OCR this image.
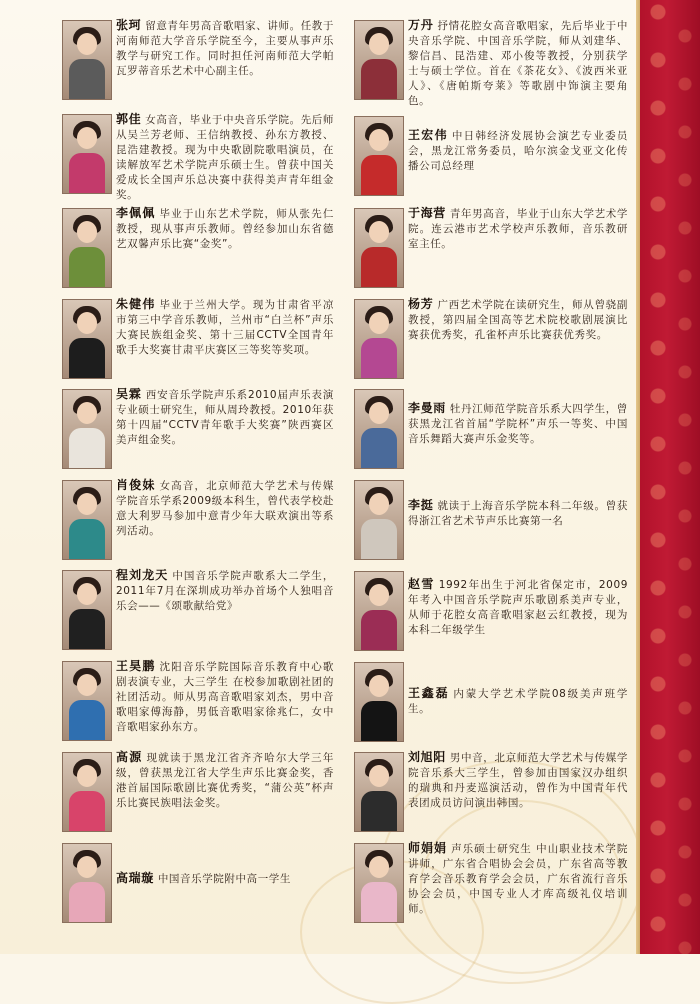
张珂 留意青年男高音歌唱家、讲师。任教于河南师范大学音乐学院至今，主要从事声乐教学与研究工作。同时担任河南师范大学帕瓦罗蒂音乐艺术中心副主任。
郭佳 女高音，毕业于中央音乐学院。先后师从吴兰芳老师、王信纳教授、孙东方教授、昆浩建教授。现为中央歌剧院歌唱演员，在读解放军艺术学院声乐硕士生。曾获中国关爱成长全国声乐总决赛中获得美声青年组金奖。
李佩佩 毕业于山东艺术学院，师从张先仁教授，现从事声乐教师。曾经参加山东省德艺双馨声乐比赛“金奖”。
朱健伟 毕业于兰州大学。现为甘肃省平凉市第三中学音乐教师，兰州市“白兰杯”声乐大赛民族组金奖、第十三届CCTV全国青年歌手大奖赛甘肃平庆赛区三等奖等奖项。
吴霖 西安音乐学院声乐系2010届声乐表演专业硕士研究生，师从周玲教授。2010年获第十四届“CCTV青年歌手大奖赛”陕西赛区美声组金奖。
肖俊妹 女高音，北京师范大学艺术与传媒学院音乐学系2009级本科生，曾代表学校赴意大利罗马参加中意青少年大联欢演出等系列活动。
程刘龙天 中国音乐学院声歌系大二学生，2011年7月在深圳成功举办首场个人独唱音乐会——《颂歌献给党》
王昊鹏 沈阳音乐学院国际音乐教育中心歌剧表演专业，大三学生 在校参加歌剧社团的社团活动。师从男高音歌唱家刘杰，男中音歌唱家傅海静，男低音歌唱家徐兆仁，女中音歌唱家孙东方。
高源 现就读于黑龙江省齐齐哈尔大学三年级，曾获黑龙江省大学生声乐比赛金奖，香港首届国际歌剧比赛优秀奖，“蒲公英”杯声乐比赛民族唱法金奖。
高瑞璇 中国音乐学院附中高一学生
万丹 抒情花腔女高音歌唱家，先后毕业于中央音乐学院、中国音乐学院，师从刘建华、黎信昌、昆浩建、邓小俊等教授，分别获学士与硕士学位。首在《茶花女》、《波西米亚人》、《唐帕斯夸莱》等歌剧中饰演主要角色。
王宏伟 中日韩经济发展协会演艺专业委员会，黑龙江常务委员，哈尔滨金戈亚文化传播公司总经理
于海营 青年男高音，毕业于山东大学艺术学院。连云港市艺术学校声乐教师，音乐教研室主任。
杨芳 广西艺术学院在读研究生，师从曾骁副教授，第四届全国高等艺术院校歌剧展演比赛获优秀奖，孔雀杯声乐比赛获优秀奖。
李曼雨 牡丹江师范学院音乐系大四学生，曾获黑龙江省首届“学院杯”声乐一等奖、中国音乐舞蹈大赛声乐金奖等。
李挺 就读于上海音乐学院本科二年级。曾获得浙江省艺术节声乐比赛第一名
赵雪 1992年出生于河北省保定市，2009年考入中国音乐学院声乐歌剧系美声专业，从师于花腔女高音歌唱家赵云红教授，现为本科二年级学生
王鑫磊 内蒙大学艺术学院08级美声班学生。
刘旭阳 男中音，北京师范大学艺术与传媒学院音乐系大三学生，曾参加由国家汉办组织的瑞典和丹麦巡演活动，曾作为中国青年代表团成员访问演出韩国。
师娟娟 声乐硕士研究生 中山职业技术学院讲师，广东省合唱协会会员，广东省高等教育学会音乐教育学会会员，广东省流行音乐协会会员，中国专业人才库高级礼仪培训师。
